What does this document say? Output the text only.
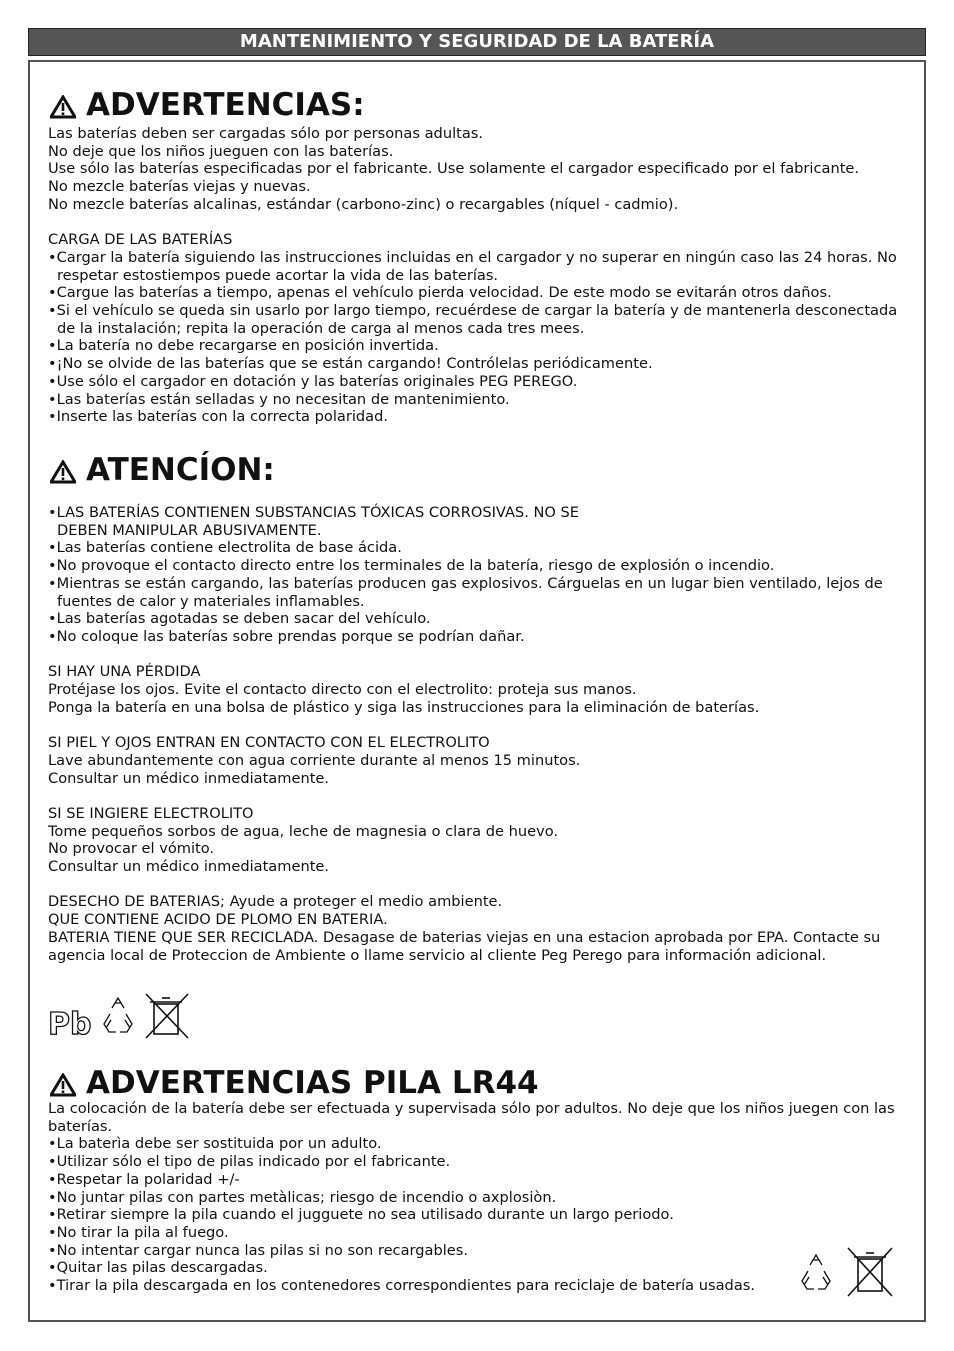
MANTENIMIENTO Y SEGURIDAD DE LA BATERÍA
ADVERTENCIAS:
Las baterías deben ser cargadas sólo por personas adultas.
No deje que los niños jueguen con las baterías.
Use sólo las baterías especificadas por el fabricante. Use solamente el cargador especificado por el fabricante.
No mezcle baterías viejas y nuevas.
No mezcle baterías alcalinas, estándar (carbono-zinc) o recargables (níquel - cadmio).
CARGA DE LAS BATERÍAS
•Cargar la batería siguiendo las instrucciones incluidas en el cargador y no superar en ningún caso las 24 horas. No respetar estostiempos puede acortar la vida de las baterías.
•Cargue las baterías a tiempo, apenas el vehículo pierda velocidad. De este modo se evitarán otros daños.
•Si el vehículo se queda sin usarlo por largo tiempo, recuérdese de cargar la batería y de mantenerla desconectada de la instalación; repita la operación de carga al menos cada tres mees.
•La batería no debe recargarse en posición invertida.
•¡No se olvide de las baterías que se están cargando! Contrólelas periódicamente.
•Use sólo el cargador en dotación y las baterías originales PEG PEREGO.
•Las baterías están selladas y no necesitan de mantenimiento.
•Inserte las baterías con la correcta polaridad.
ATENCÍON:
•LAS BATERÍAS CONTIENEN SUBSTANCIAS TÓXICAS CORROSIVAS. NO SE DEBEN MANIPULAR ABUSIVAMENTE.
•Las baterías contiene electrolita de base ácida.
•No provoque el contacto directo entre los terminales de la batería, riesgo de explosión o incendio.
•Mientras se están cargando, las baterías producen gas explosivos. Cárguelas en un lugar bien ventilado, lejos de fuentes de calor y materiales inflamables.
•Las baterías agotadas se deben sacar del vehículo.
•No coloque las baterías sobre prendas porque se podrían dañar.
SI HAY UNA PÉRDIDA
Protéjase los ojos. Evite el contacto directo con el electrolito: proteja sus manos.
Ponga la batería en una bolsa de plástico y siga las instrucciones para la eliminación de baterías.
SI PIEL Y OJOS ENTRAN EN CONTACTO CON EL ELECTROLITO
Lave abundantemente con agua corriente durante al menos 15 minutos.
Consultar un médico inmediatamente.
SI SE INGIERE ELECTROLITO
Tome pequeños sorbos de agua, leche de magnesia o clara de huevo.
No provocar el vómito.
Consultar un médico inmediatamente.
DESECHO DE BATERIAS; Ayude a proteger el medio ambiente.
QUE CONTIENE ACIDO DE PLOMO EN BATERIA.
BATERIA TIENE QUE SER RECICLADA. Desagase de baterias viejas en una estacion aprobada por EPA. Contacte su agencia local de Proteccion de Ambiente o llame servicio al cliente Peg Perego para información adicional.
Pb
ADVERTENCIAS PILA LR44
La colocación de la batería debe ser efectuada y supervisada sólo por adultos. No deje que los niños juegen con las baterías.
•La baterìa debe ser sostituida por un adulto.
•Utilizar sólo el tipo de pilas indicado por el fabricante.
•Respetar la polaridad +/-
•No juntar pilas con partes metàlicas; riesgo de incendio o axplosiòn.
•Retirar siempre la pila cuando el jugguete no sea utilisado durante un largo periodo.
•No tirar la pila al fuego.
•No intentar cargar nunca las pilas si no son recargables.
•Quitar las pilas descargadas.
•Tirar la pila descargada en los contenedores correspondientes para reciclaje de batería usadas.
